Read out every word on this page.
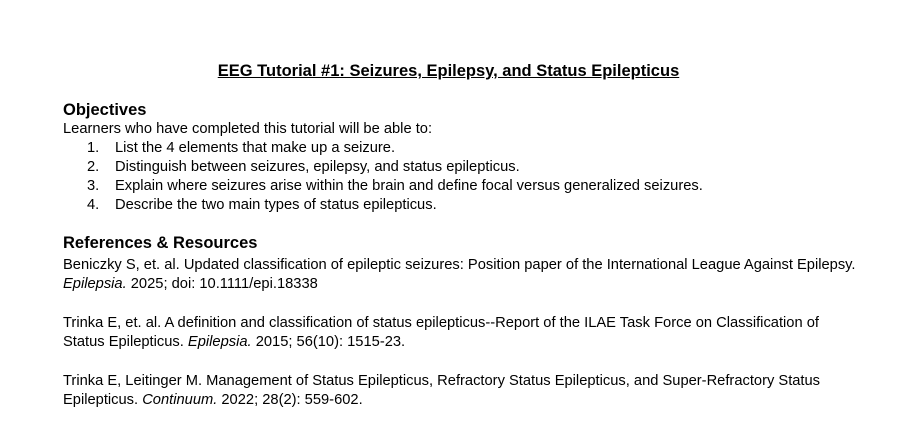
EEG Tutorial #1: Seizures, Epilepsy, and Status Epilepticus
Objectives

Learners who have completed this tutorial will be able to:

1.	List the 4 elements that make up a seizure.
2.	Distinguish between seizures, epilepsy, and status epilepticus.
3.	Explain where seizures arise within the brain and define focal versus generalized seizures.
4.	Describe the two main types of status epilepticus.
References & Resources

Beniczky S, et. al. Updated classification of epileptic seizures: Position paper of the International League Against Epilepsy. Epilepsia. 2025; doi: 10.1111/epi.18338

Trinka E, et. al. A definition and classification of status epilepticus--Report of the ILAE Task Force on Classification of Status Epilepticus. Epilepsia. 2015; 56(10): 1515-23.

Trinka E, Leitinger M. Management of Status Epilepticus, Refractory Status Epilepticus, and Super-Refractory Status Epilepticus. Continuum. 2022; 28(2): 559-602.
